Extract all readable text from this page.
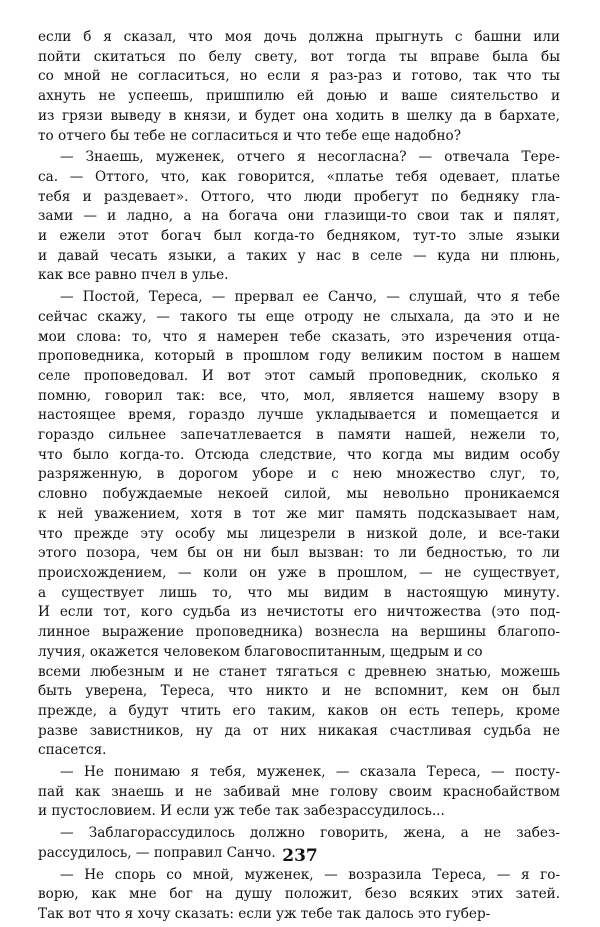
если б я сказал, что моя дочь должна прыгнуть с башни или
пойти скитаться по белу свету, вот тогда ты вправе была бы
со мной не согласиться, но если я раз-раз и готово, так что ты
ахнуть не успеешь, пришпилю ей доњю и ваше сиятельство и
из грязи выведу в князи, и будет она ходить в шелку да в бархате,
то отчего бы тебе не согласиться и что тебе еще надобно?

— Знаешь, муженек, отчего я несогласна? — отвечала Тере-
са. — Оттого, что, как говорится, «платье тебя одевает, платье
тебя и раздевает». Оттого, что люди пробегут по бедняку гла-
зами — и ладно, а на богача они глазищи-то свои так и пялят,
и ежели этот богач был когда-то бедняком, тут-то злые языки
и давай чесать языки, а таких у нас в селе — куда ни плюнь,
как все равно пчел в улье.

— Постой, Тереса, — прервал ее Санчо, — слушай, что я тебе
сейчас скажу, — такого ты еще отроду не слыхала, да это и не
мои слова: то, что я намерен тебе сказать, это изречения отца-
проповедника, который в прошлом году великим постом в нашем
селе проповедовал. И вот этот самый проповедник, сколько я
помню, говорил так: все, что, мол, является нашему взору в
настоящее время, гораздо лучше укладывается и помещается и
гораздо сильнее запечатлевается в памяти нашей, нежели то,
что было когда-то. Отсюда следствие, что когда мы видим особу
разряженную, в дорогом уборе и с нею множество слуг, то,
словно побуждаемые некоей силой, мы невольно проникаемся
к ней уважением, хотя в тот же миг память подсказывает нам,
что прежде эту особу мы лицезрели в низкой доле, и все-таки
этого позора, чем бы он ни был вызван: то ли бедностью, то ли
происхождением, — коли он уже в прошлом, — не существует,
а существует лишь то, что мы видим в настоящую минуту.
И если тот, кого судьба из нечистоты его ничтожества (это под-
линное выражение проповедника) вознесла на вершины благопо-
лучия, окажется человеком благовоспитанным, щедрым и со
всеми любезным и не станет тягаться с древнею знатью, можешь
быть уверена, Тереса, что никто и не вспомнит, кем он был
прежде, а будут чтить его таким, каков он есть теперь, кроме
разве завистников, ну да от них никакая счастливая судьба не
спасется.

— Не понимаю я тебя, муженек, — сказала Тереса, — посту-
пай как знаешь и не забивай мне голову своим краснобайством
и пустословием. И если уж тебе так забезрассудилось...

— Заблагорассудилось должно говорить, жена, а не забез-
рассудилось, — поправил Санчо.

— Не спорь со мной, муженек, — возразила Тереса, — я го-
ворю, как мне бог на душу положит, безо всяких этих затей.
Так вот что я хочу сказать: если уж тебе так далось это губер-

237
